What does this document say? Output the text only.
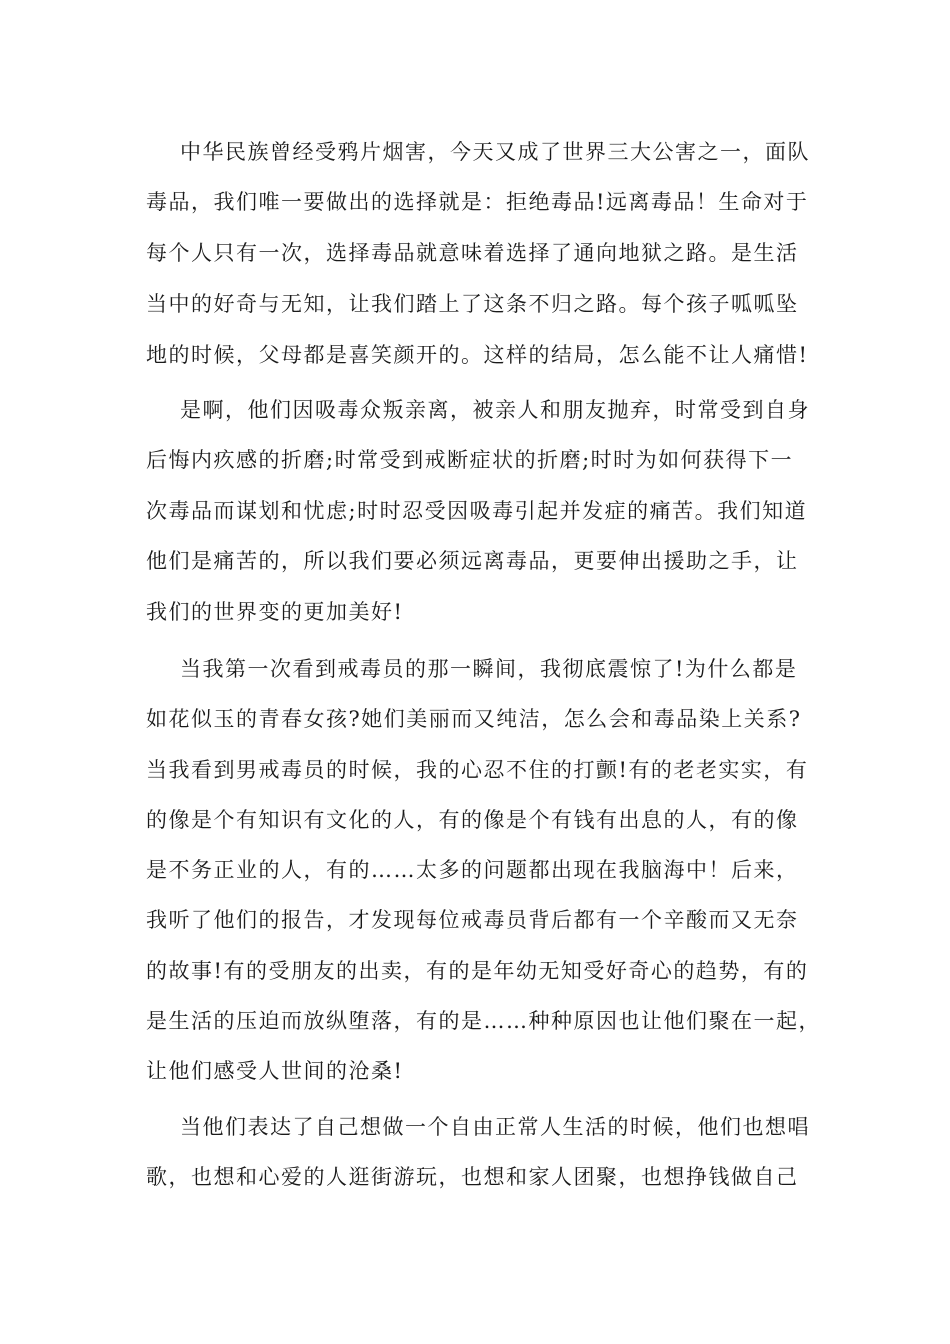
中华民族曾经受鸦片烟害，今天又成了世界三大公害之一，面队
毒品，我们唯一要做出的选择就是：拒绝毒品!远离毒品！生命对于
每个人只有一次，选择毒品就意味着选择了通向地狱之路。是生活
当中的好奇与无知，让我们踏上了这条不归之路。每个孩子呱呱坠
地的时候，父母都是喜笑颜开的。这样的结局，怎么能不让人痛惜!
是啊，他们因吸毒众叛亲离，被亲人和朋友抛弃，时常受到自身
后悔内疚感的折磨;时常受到戒断症状的折磨;时时为如何获得下一
次毒品而谋划和忧虑;时时忍受因吸毒引起并发症的痛苦。我们知道
他们是痛苦的，所以我们要必须远离毒品，更要伸出援助之手，让
我们的世界变的更加美好!
当我第一次看到戒毒员的那一瞬间，我彻底震惊了!为什么都是
如花似玉的青春女孩?她们美丽而又纯洁，怎么会和毒品染上关系?
当我看到男戒毒员的时候，我的心忍不住的打颤!有的老老实实，有
的像是个有知识有文化的人，有的像是个有钱有出息的人，有的像
是不务正业的人，有的……太多的问题都出现在我脑海中！后来，
我听了他们的报告，才发现每位戒毒员背后都有一个辛酸而又无奈
的故事!有的受朋友的出卖，有的是年幼无知受好奇心的趋势，有的
是生活的压迫而放纵堕落，有的是……种种原因也让他们聚在一起，
让他们感受人世间的沧桑!
当他们表达了自己想做一个自由正常人生活的时候，他们也想唱
歌，也想和心爱的人逛街游玩，也想和家人团聚，也想挣钱做自己
